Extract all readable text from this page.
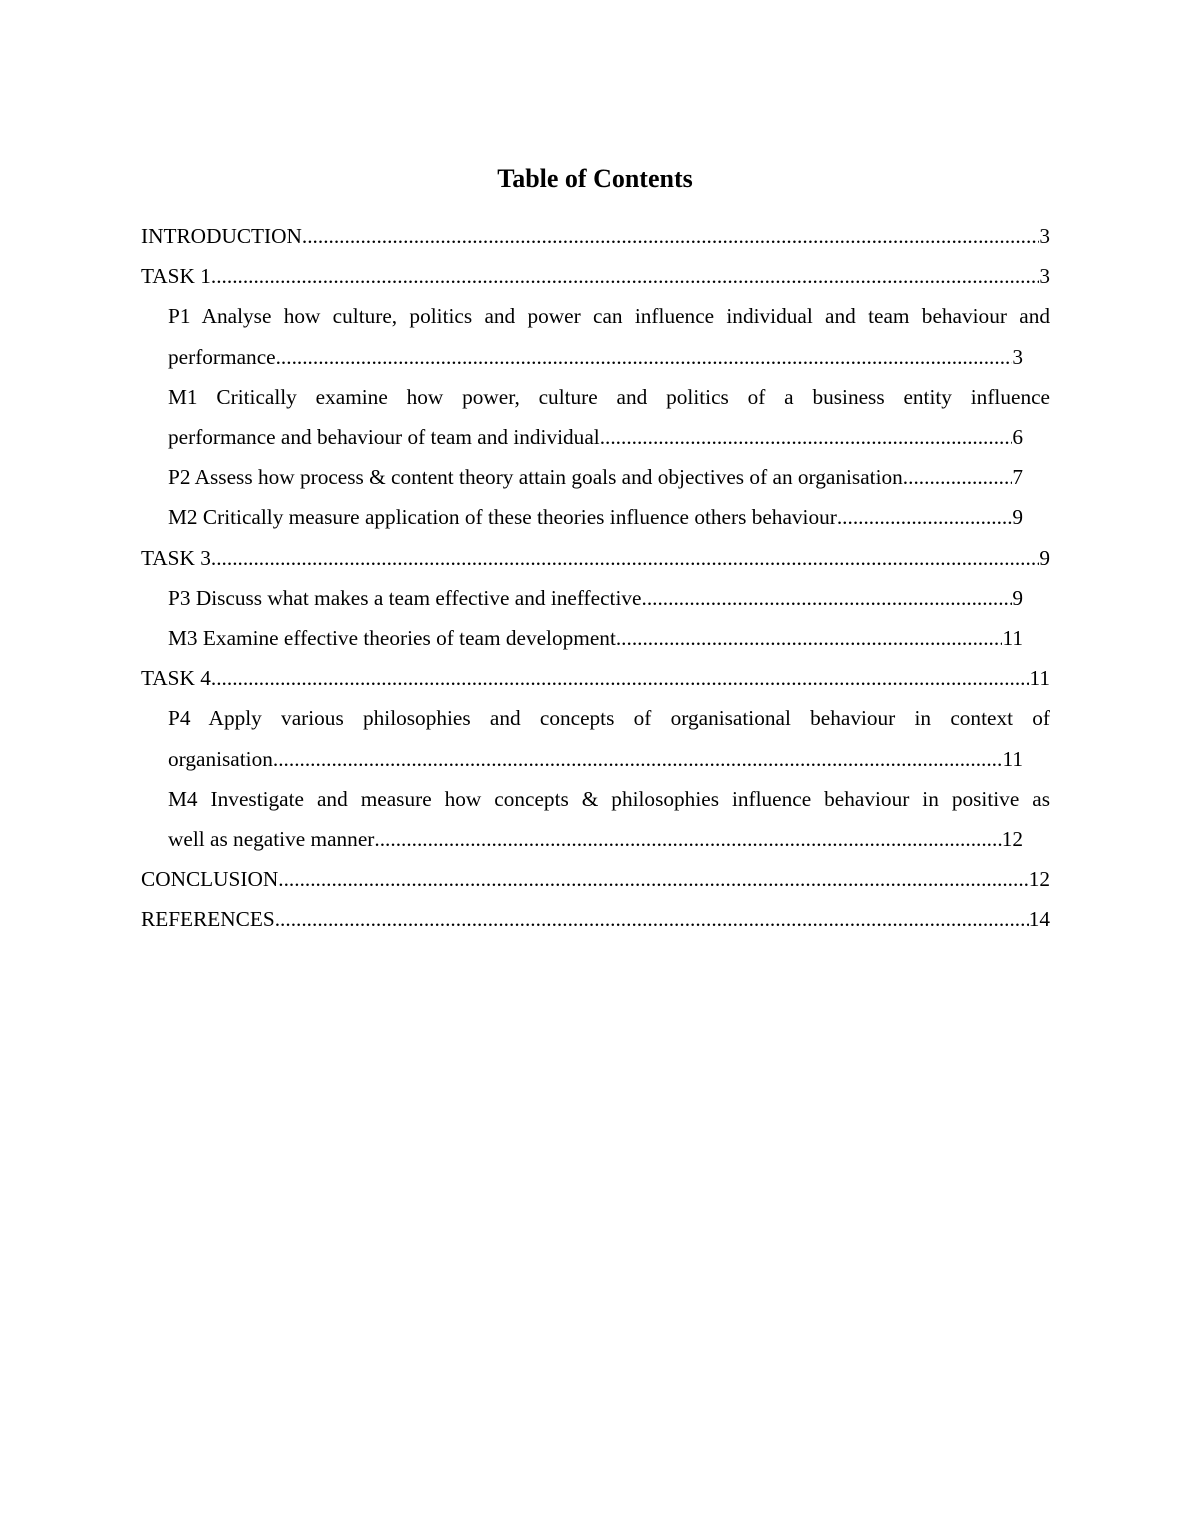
Table of Contents
INTRODUCTION .....	3
TASK 1 .....	3
P1 Analyse how culture, politics and power can influence individual and team behaviour and
performance .....	3
M1 Critically examine how power, culture and politics of a business entity influence
performance and behaviour of team and individual .....	6
P2 Assess how process & content theory attain goals and objectives of an organisation. .....	7
M2 Critically measure application of these theories influence others behaviour .....	9
TASK 3 .....	9
P3 Discuss what makes a team effective and ineffective .....	9
M3 Examine effective theories of team development .....	11
TASK 4 .....	11
P4 Apply various philosophies and concepts of organisational behaviour in context of
organisation .....	11
M4 Investigate and measure how concepts & philosophies influence behaviour in positive as
well as negative manner .....	12
CONCLUSION .....	12
REFERENCES .....	14
